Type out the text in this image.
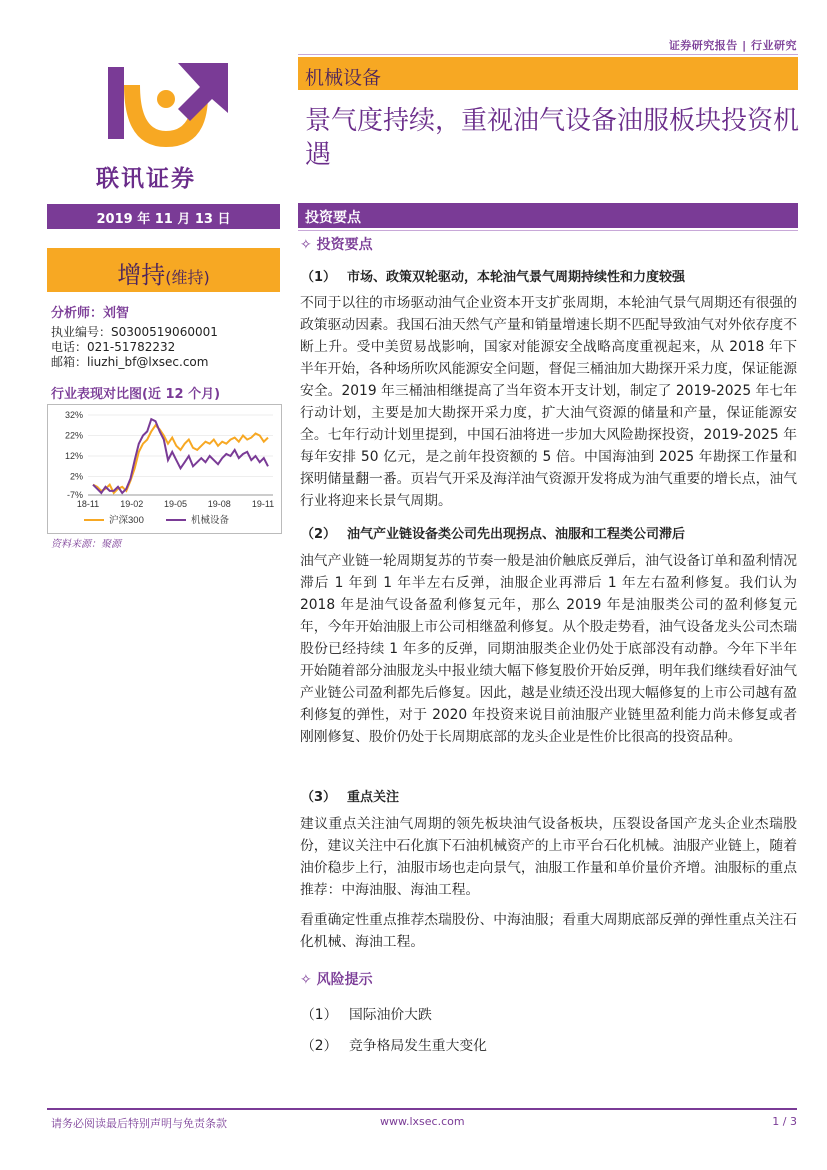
证券研究报告 | 行业研究
联讯证券
机械设备
景气度持续，重视油气设备油服板块投资机遇
2019 年 11 月 13 日
增持(维持)
分析师：刘智
执业编号：S0300519060001
电话：021-51782232
邮箱：liuzhi_bf@lxsec.com
行业表现对比图(近 12 个月)
32%
22%
12%
2%
-7%
18-11 19-02 19-05 19-08 19-11
沪深300	机械设备
资料来源：聚源
投资要点
✧ 投资要点
（1） 市场、政策双轮驱动，本轮油气景气周期持续性和力度较强
不同于以往的市场驱动油气企业资本开支扩张周期，本轮油气景气周期还有很强的政策驱动因素。我国石油天然气产量和销量增速长期不匹配导致油气对外依存度不断上升。受中美贸易战影响，国家对能源安全战略高度重视起来，从 2018 年下半年开始，各种场所吹风能源安全问题，督促三桶油加大勘探开采力度，保证能源安全。2019 年三桶油相继提高了当年资本开支计划，制定了 2019-2025 年七年行动计划，主要是加大勘探开采力度，扩大油气资源的储量和产量，保证能源安全。七年行动计划里提到，中国石油将进一步加大风险勘探投资，2019-2025 年每年安排 50 亿元，是之前年投资额的 5 倍。中国海油到 2025 年勘探工作量和探明储量翻一番。页岩气开采及海洋油气资源开发将成为油气重要的增长点，油气行业将迎来长景气周期。
（2） 油气产业链设备类公司先出现拐点、油服和工程类公司滞后
油气产业链一轮周期复苏的节奏一般是油价触底反弹后，油气设备订单和盈利情况滞后 1 年到 1 年半左右反弹，油服企业再滞后 1 年左右盈利修复。我们认为 2018 年是油气设备盈利修复元年，那么 2019 年是油服类公司的盈利修复元年，今年开始油服上市公司相继盈利修复。从个股走势看，油气设备龙头公司杰瑞股份已经持续 1 年多的反弹，同期油服类企业仍处于底部没有动静。今年下半年开始随着部分油服龙头中报业绩大幅下修复股价开始反弹，明年我们继续看好油气产业链公司盈利都先后修复。因此，越是业绩还没出现大幅修复的上市公司越有盈利修复的弹性，对于 2020 年投资来说目前油服产业链里盈利能力尚未修复或者刚刚修复、股价仍处于长周期底部的龙头企业是性价比很高的投资品种。
（3） 重点关注
建议重点关注油气周期的领先板块油气设备板块，压裂设备国产龙头企业杰瑞股份，建议关注中石化旗下石油机械资产的上市平台石化机械。油服产业链上，随着油价稳步上行，油服市场也走向景气，油服工作量和单价量价齐增。油服标的重点推荐：中海油服、海油工程。
看重确定性重点推荐杰瑞股份、中海油服；看重大周期底部反弹的弹性重点关注石化机械、海油工程。
✧ 风险提示
（1） 国际油价大跌
（2） 竞争格局发生重大变化
请务必阅读最后特别声明与免责条款	www.lxsec.com	1 / 3
